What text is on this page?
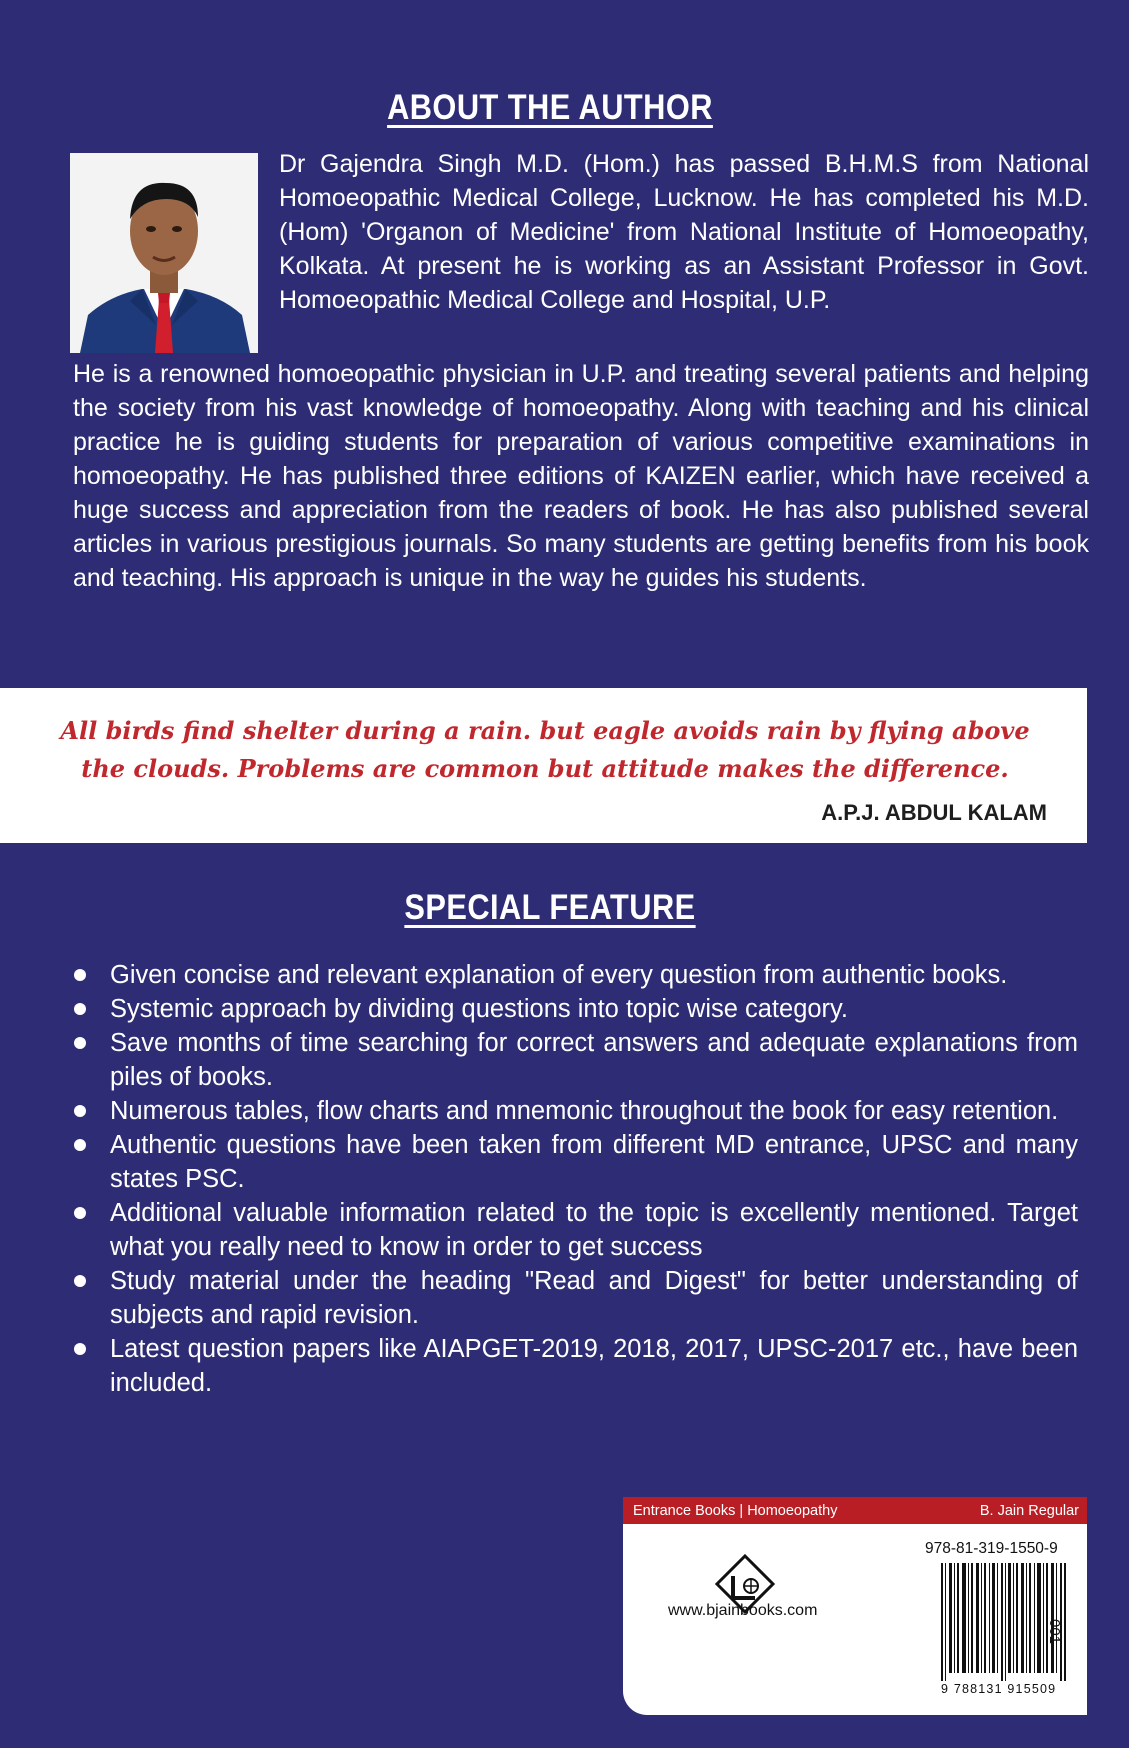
ABOUT THE AUTHOR

Dr Gajendra Singh M.D. (Hom.) has passed B.H.M.S from National Homoeopathic Medical College, Lucknow. He has completed his M.D. (Hom) 'Organon of Medicine' from National Institute of Homoeopathy, Kolkata. At present he is working as an Assistant Professor in Govt. Homoeopathic Medical College and Hospital, U.P.

He is a renowned homoeopathic physician in U.P. and treating several patients and helping the society from his vast knowledge of homoeopathy. Along with teaching and his clinical practice he is guiding students for preparation of various competitive examinations in homoeopathy. He has published three editions of KAIZEN earlier, which have received a huge success and appreciation from the readers of book. He has also published several articles in various prestigious journals. So many students are getting benefits from his book and teaching. His approach is unique in the way he guides his students.

All birds find shelter during a rain. but eagle avoids rain by flying above the clouds. Problems are common but attitude makes the difference.

A.P.J. ABDUL KALAM
SPECIAL FEATURE
Given concise and relevant explanation of every question from authentic books.
Systemic approach by dividing questions into topic wise category.
Save months of time searching for correct answers and adequate explanations from piles of books.
Numerous tables, flow charts and mnemonic throughout the book for easy retention.
Authentic questions have been taken from different MD entrance, UPSC and many states PSC.
Additional valuable information related to the topic is excellently mentioned. Target what you really need to know in order to get success
Study material under the heading "Read and Digest" for better understanding of subjects and rapid revision.
Latest question papers like AIAPGET-2019, 2018, 2017, UPSC-2017 etc., have been included.
Entrance Books | Homoeopathy	B. Jain Regular
www.bjainbooks.com
978-81-319-1550-9
9 788131 915509
001
